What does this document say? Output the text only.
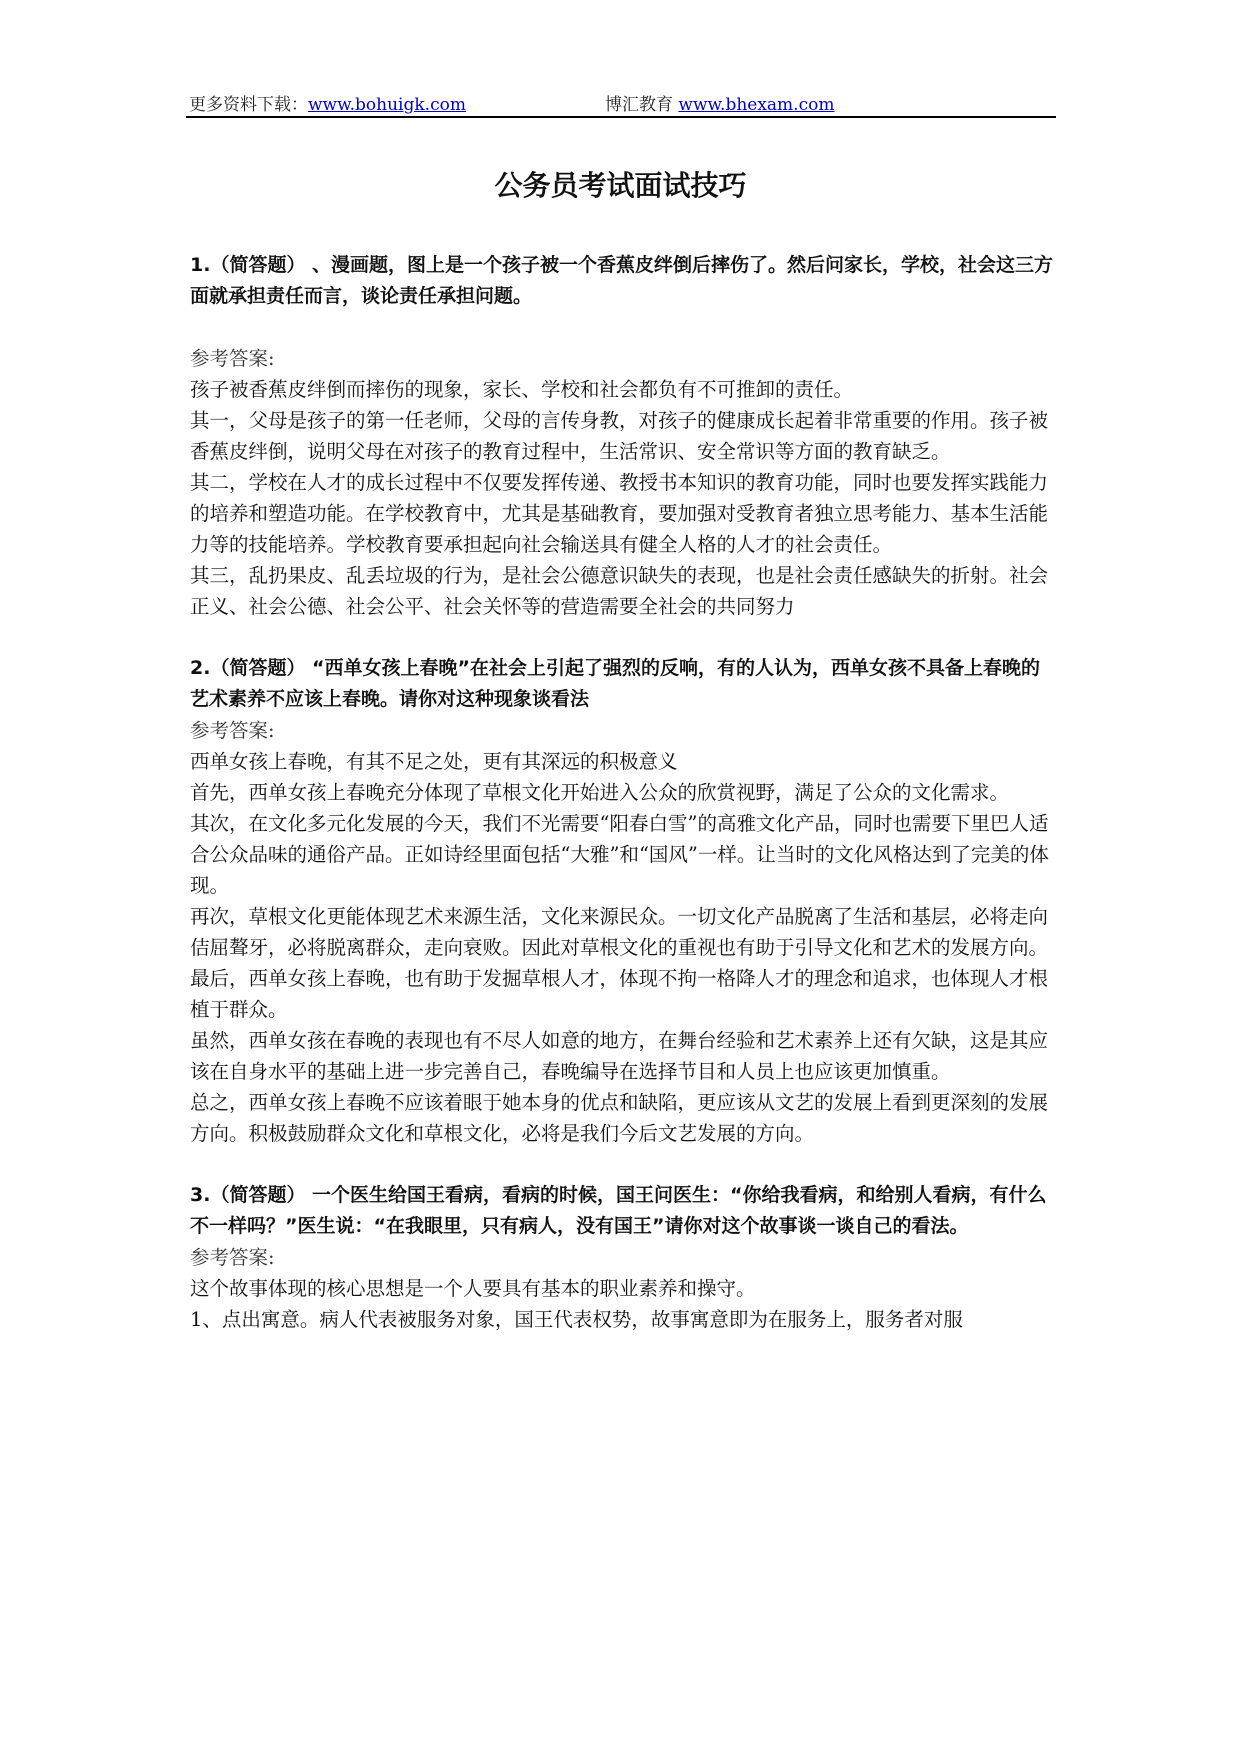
更多资料下载：www.bohuigk.com	博汇教育 www.bhexam.com
公务员考试面试技巧

1.（简答题） 、漫画题，图上是一个孩子被一个香蕉皮绊倒后摔伤了。然后问家长，学校，社会这三方面就承担责任而言，谈论责任承担问题。

参考答案:

孩子被香蕉皮绊倒而摔伤的现象，家长、学校和社会都负有不可推卸的责任。

其一，父母是孩子的第一任老师，父母的言传身教，对孩子的健康成长起着非常重要的作用。孩子被香蕉皮绊倒，说明父母在对孩子的教育过程中，生活常识、安全常识等方面的教育缺乏。

其二，学校在人才的成长过程中不仅要发挥传递、教授书本知识的教育功能，同时也要发挥实践能力的培养和塑造功能。在学校教育中，尤其是基础教育，要加强对受教育者独立思考能力、基本生活能力等的技能培养。学校教育要承担起向社会输送具有健全人格的人才的社会责任。

其三，乱扔果皮、乱丢垃圾的行为，是社会公德意识缺失的表现，也是社会责任感缺失的折射。社会正义、社会公德、社会公平、社会关怀等的营造需要全社会的共同努力

2.（简答题） “西单女孩上春晚”在社会上引起了强烈的反响，有的人认为，西单女孩不具备上春晚的艺术素养不应该上春晚。请你对这种现象谈看法

参考答案:

西单女孩上春晚，有其不足之处，更有其深远的积极意义

首先，西单女孩上春晚充分体现了草根文化开始进入公众的欣赏视野，满足了公众的文化需求。

其次，在文化多元化发展的今天，我们不光需要“阳春白雪”的高雅文化产品，同时也需要下里巴人适合公众品味的通俗产品。正如诗经里面包括“大雅”和“国风”一样。让当时的文化风格达到了完美的体现。

再次，草根文化更能体现艺术来源生活，文化来源民众。一切文化产品脱离了生活和基层，必将走向佶屈聱牙，必将脱离群众，走向衰败。因此对草根文化的重视也有助于引导文化和艺术的发展方向。

最后，西单女孩上春晚，也有助于发掘草根人才，体现不拘一格降人才的理念和追求，也体现人才根植于群众。

虽然，西单女孩在春晚的表现也有不尽人如意的地方，在舞台经验和艺术素养上还有欠缺，这是其应该在自身水平的基础上进一步完善自己，春晚编导在选择节目和人员上也应该更加慎重。

总之，西单女孩上春晚不应该着眼于她本身的优点和缺陷，更应该从文艺的发展上看到更深刻的发展方向。积极鼓励群众文化和草根文化，必将是我们今后文艺发展的方向。

3.（简答题） 一个医生给国王看病，看病的时候，国王问医生：“你给我看病，和给别人看病，有什么不一样吗？”医生说：“在我眼里，只有病人，没有国王”请你对这个故事谈一谈自己的看法。

参考答案:

这个故事体现的核心思想是一个人要具有基本的职业素养和操守。

1、点出寓意。病人代表被服务对象，国王代表权势，故事寓意即为在服务上，服务者对服
